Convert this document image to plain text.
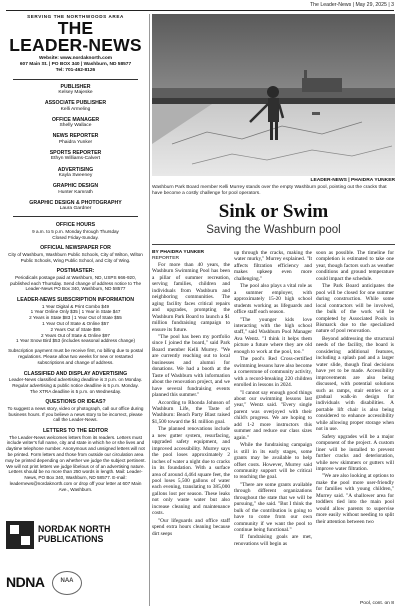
The Leader-News | May 29, 2025 | 3
SERVING THE NORTHWOODS AREA
THE
LEADER-NEWS
Website: www.nordaknorth.com
607 Main St. | PO BOX 340 | Washburn, ND 58577
Tel: 701-462-8126
PUBLISHER
Kelsey Majeske
ASSOCIATE PUBLISHER
Kelli Armeling
OFFICE MANAGER
Shelly Wallace
NEWS REPORTER
Phaidra Yunker
SPORTS REPORTER
Ethyn Williams-Calvert
ADVERTISING
Kayla Sweeney
GRAPHIC DESIGN
Hunter Kamrath
GRAPHIC DESIGN & PHOTOGRAPHY
Laura Gardner
OFFICE HOURS
9 a.m. to 5 p.m. Monday through Thursday
Closed Friday-Sunday.
OFFICIAL NEWSPAPER FOR
City of Washburn, Washburn Public Schools, City of Wilton, Wilton Public Schools, Wing Public School, and City of Wing.
POSTMASTER:
Periodicals postage paid at Washburn, ND, USPS 666-920, published each Thursday. Send change of address notice to The Leader-News PO Box 340, Washburn, ND 58577
LEADER-NEWS SUBSCRIPTION INFORMATION
1 Year Digital & Print Combo $49
1 Year Online Only $35 | 1 Year in State $47
2 Years in State $83 | 1 Year Out of State $55
1 Year Out of State & Online $57
2 Years Out of State $95
2 Years Out of State & Online $97
1 Year Snow Bird $53 (includes seasonal address change)
Subscription payment must be receive first, no billing due to postal regulations. Please allow two weeks for new or restarted subscriptions and change of address.
CLASSIFIED AND DISPLAY ADVERTISING
Leader-News classified advertising deadline is 3 p.m. on Monday. Regular advertising & public notice deadline is 5 p.m. Monday.
The XTRA deadline is 5 p.m. on Wednesday.
QUESTIONS OR IDEAS?
To suggest a news story, video or photograph, call our office during business hours. If you believe a news story to be incorrect, please call the Leader-News.
LETTERS TO THE EDITOR
The Leader-News welcomes letters from its readers. Letters must include writer's full name, city and state in which he or she lives and daytime telephone number. Anonymous and unsigned letters will not be printed. Form letters and those from outside our circulation area may be printed depending on whether we judge the subject pertinent.
We will not print letters we judge libelous or of an advertising nature.
Letters should be no more than 250 words in length. Mail: Leader-News, PO Box 340, Washburn, ND 58577. E-mail: leadernews@nordaknorth.com or drop off your letter at 607 Main Ave., Washburn.
NORDAK NORTH
PUBLICATIONS
NDNA	NAA
LEADER-NEWS | PHAIDRA YUNKER
Washburn Park Board member Kelli Murrey stands over the empty Washburn pool, pointing out the cracks that have become a costly challenge for pool operators.
Sink or Swim
Saving the Washburn pool
BY PHAIDRA YUNKER
REPORTER

For more than 40 years, the Washburn Swimming Pool has been a pillar of summer recreation, serving families, children and individuals from Washburn and neighboring communities. The aging facility faces critical repairs and upgrades, prompting the Washburn Park Board to launch a $1 million fundraising campaign to ensure its future.

"The pool has been my portfolio since I joined the board," said Park Board member Kelli Murrey. "We are currently reaching out to local businesses and alumni for donations. We had a booth at the Taste of Washburn with information about the renovation project, and we have several fundraising events planned this summer."

According to Rhonda Johnson of Washburn Life, the Taste of Washburn: Beach Party Blast raised $1,500 toward the $1 million goal.

The planned renovations include a new gutter system, resurfacing, upgraded safety equipment, and improved accessibility. Murrey says the pool loses approximately 2 inches of water a night due to cracks in its foundation. With a surface area of around 4,464 square feet, the pool loses 5,500 gallons of water each evening, translating to 385,000 gallons lost per season. These leaks not only waste water but also increase cleaning and maintenance costs.

"Our lifeguards and office staff spend extra hours cleaning because dirt seeps

up through the cracks, making the water murky," Murrey explained. "It affects filtration efficiency and makes upkeep even more challenging."

The pool also plays a vital role as a summer employer, with approximately 15-20 high school students working as lifeguards and office staff each season.

"The younger kids love interacting with the high school staff," said Washburn Pool Manager Ava Wentz. "I think it helps them picture a future where they are old enough to work at the pool, too."

The pool's Red Cross-certified swimming lessons have also become a cornerstone of community activity, with a record-breaking 220 children enrolled in lessons in 2024.

"I cannot say enough good things about our swimming lessons last year," Wentz said. "Every single parent was overjoyed with their child's progress. We are hoping to add 1-2 more instructors this summer and reduce our class sizes again."

While the fundraising campaign is still in its early stages, some grants may be available to help offset costs. However, Murrey said community support will be critical to reaching the goal.

"There are some grants available through different organizations throughout the state that we will be pursuing," she said. "But I think the bulk of the contribution is going to have to come from our own community if we want the pool to continue being functional."

If fundraising goals are met, renovations will begin as

soon as possible. The timeline for completion is estimated to take one year, though factors such as weather conditions and ground temperature could impact the schedule.

The Park Board anticipates the pool will be closed for one summer during construction. While some local contractors will be involved, the bulk of the work will be completed by Associated Pools in Bismarck due to the specialized nature of pool renovation.

Beyond addressing the structural needs of the facility, the board is considering additional features, including a splash pad and a larger water slide, though final decisions have yet to be made. Accessibility improvements are also being discussed, with potential solutions such as ramps, stair entries or a gradual walk-in design for individuals with disabilities. A portable lift chair is also being considered to enhance accessibility while allowing proper storage when not in use.

Safety upgrades will be a major component of the project. A custom liner will be installed to prevent further cracks and deterioration, while new skimmers or gutters will improve water filtration.

"We are also looking at options to make the pool more user-friendly for families with young children," Murrey said. "A shallower area for toddlers tied into the main pool would allow parents to supervise more easily without needing to split their attention between two

Pool, cont. on 8
